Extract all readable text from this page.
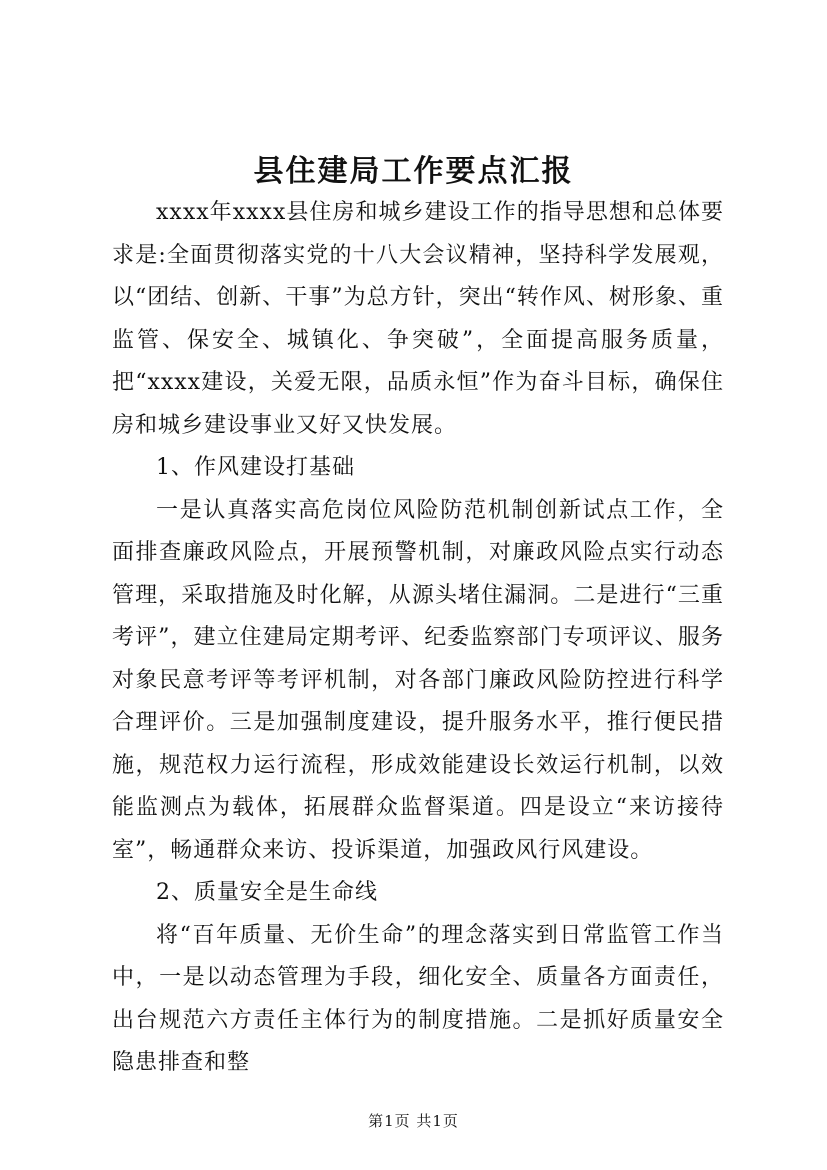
县住建局工作要点汇报

xxxx年xxxx县住房和城乡建设工作的指导思想和总体要求是:全面贯彻落实党的十八大会议精神，坚持科学发展观，以“团结、创新、干事”为总方针，突出“转作风、树形象、重监管、保安全、城镇化、争突破”，全面提高服务质量，把“xxxx建设，关爱无限，品质永恒”作为奋斗目标，确保住房和城乡建设事业又好又快发展。

1、作风建设打基础

一是认真落实高危岗位风险防范机制创新试点工作，全面排查廉政风险点，开展预警机制，对廉政风险点实行动态管理，采取措施及时化解，从源头堵住漏洞。二是进行“三重考评”，建立住建局定期考评、纪委监察部门专项评议、服务对象民意考评等考评机制，对各部门廉政风险防控进行科学合理评价。三是加强制度建设，提升服务水平，推行便民措施，规范权力运行流程，形成效能建设长效运行机制，以效能监测点为载体，拓展群众监督渠道。四是设立“来访接待室”，畅通群众来访、投诉渠道，加强政风行风建设。

2、质量安全是生命线

将“百年质量、无价生命”的理念落实到日常监管工作当中，一是以动态管理为手段，细化安全、质量各方面责任，出台规范六方责任主体行为的制度措施。二是抓好质量安全隐患排查和整

第1页 共1页
